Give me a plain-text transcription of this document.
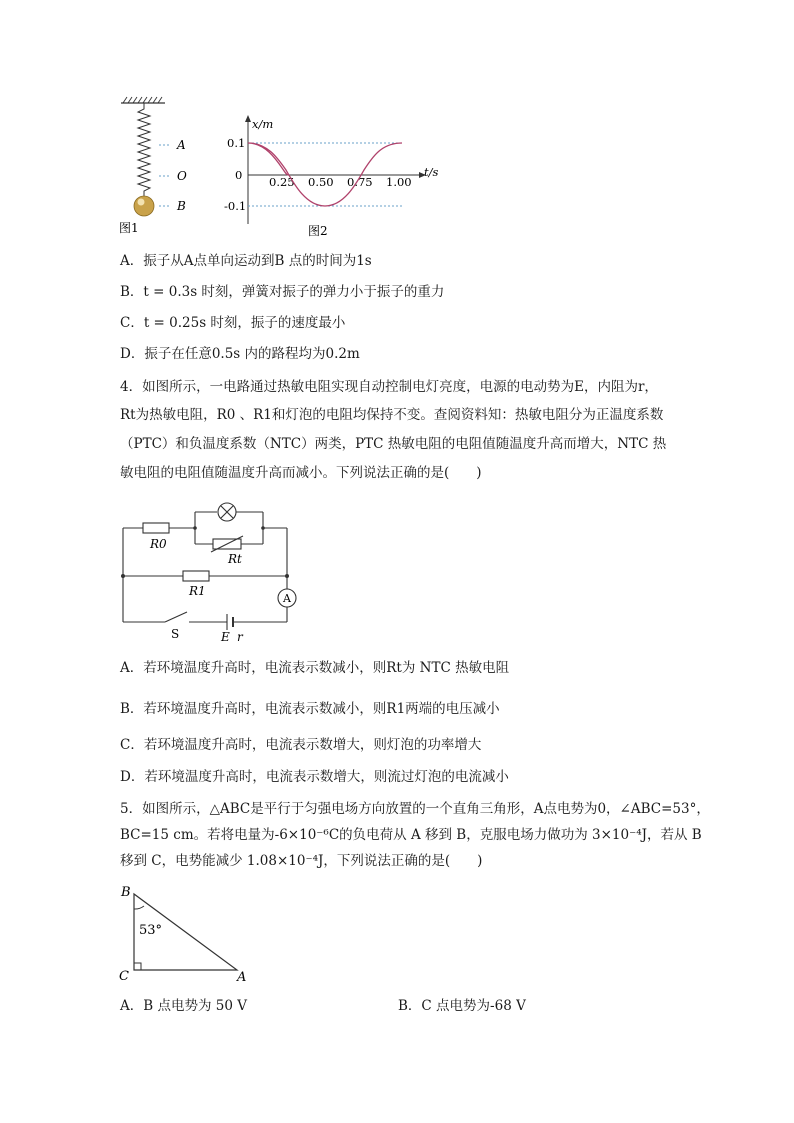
A
O
B
图1
x/m
t/s
0.1
0
-0.1
0.25 0.50 0.75 1.00
图2
A．振子从A点单向运动到B 点的时间为1s
B．t = 0.3s 时刻，弹簧对振子的弹力小于振子的重力
C．t = 0.25s 时刻，振子的速度最小
D．振子在任意0.5s 内的路程均为0.2m
4．如图所示，一电路通过热敏电阻实现自动控制电灯亮度，电源的电动势为E，内阻为r，
Rt为热敏电阻，R0 、R1和灯泡的电阻均保持不变。查阅资料知：热敏电阻分为正温度系数
（PTC）和负温度系数（NTC）两类，PTC 热敏电阻的电阻值随温度升高而增大，NTC 热
敏电阻的电阻值随温度升高而减小。下列说法正确的是(　　)
R0
Rt
R1
A
S	E r
A．若环境温度升高时，电流表示数减小，则Rt为 NTC 热敏电阻
B．若环境温度升高时，电流表示数减小，则R1两端的电压减小
C．若环境温度升高时，电流表示数增大，则灯泡的功率增大
D．若环境温度升高时，电流表示数增大，则流过灯泡的电流减小
5．如图所示，△ABC是平行于匀强电场方向放置的一个直角三角形，A点电势为0，∠ABC=53°，
BC=15 cm。若将电量为-6×10⁻⁶C的负电荷从 A 移到 B，克服电场力做功为 3×10⁻⁴J，若从 B
移到 C，电势能减少 1.08×10⁻⁴J，下列说法正确的是(　　)
B
C	A
53°
A．B 点电势为 50 V	B．C 点电势为-68 V
